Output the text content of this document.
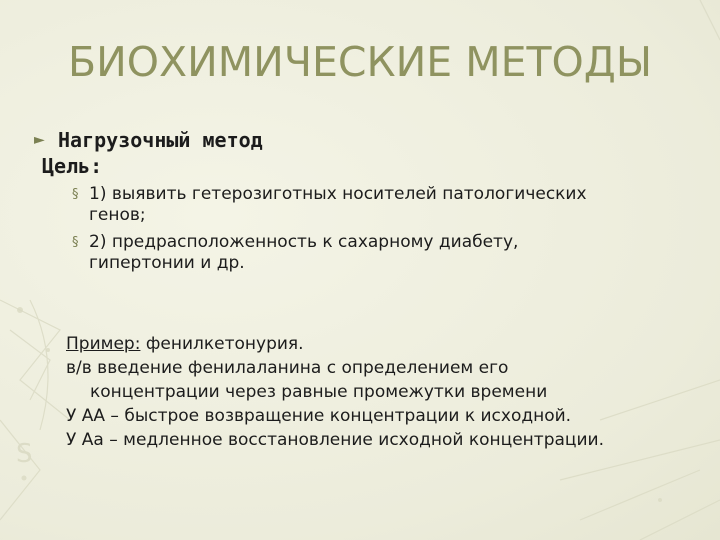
S
БИОХИМИЧЕСКИЕ МЕТОДЫ
► Нагрузочный метод
Цель:
§ 1) выявить гетерозиготных носителей патологических
генов;
§ 2) предрасположенность к сахарному диабету,
гипертонии и др.

Пример: фенилкетонурия.

в/в введение фенилаланина с определением его

концентрации через равные промежутки времени

У АА – быстрое возвращение концентрации к исходной.

У Аа – медленное восстановление исходной концентрации.
